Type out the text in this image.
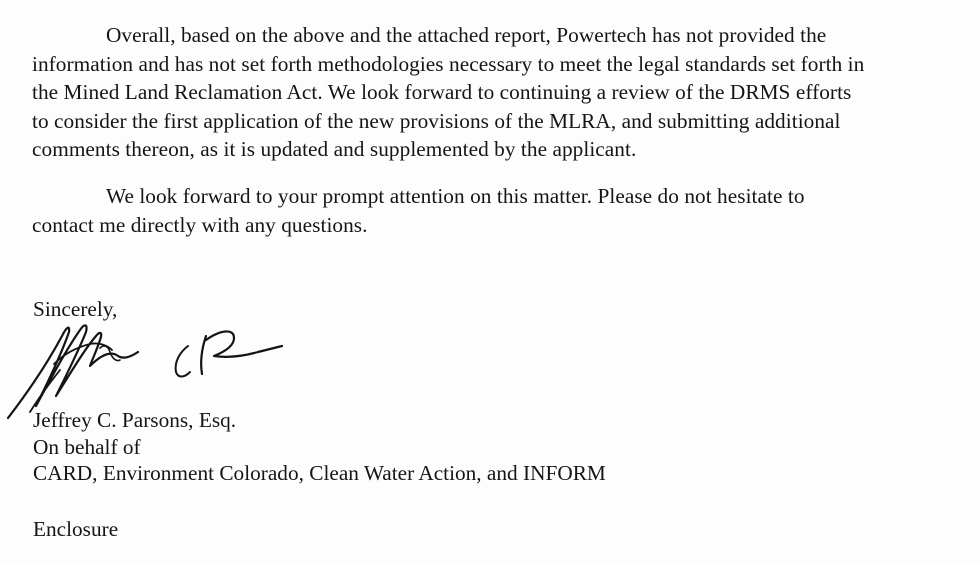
Overall, based on the above and the attached report, Powertech has not provided the
information and has not set forth methodologies necessary to meet the legal standards set forth in
the Mined Land Reclamation Act. We look forward to continuing a review of the DRMS efforts
to consider the first application of the new provisions of the MLRA, and submitting additional
comments thereon, as it is updated and supplemented by the applicant.

We look forward to your prompt attention on this matter. Please do not hesitate to
contact me directly with any questions.

Sincerely,
Jeffrey C. Parsons, Esq.
On behalf of
CARD, Environment Colorado, Clean Water Action, and INFORM
Enclosure
